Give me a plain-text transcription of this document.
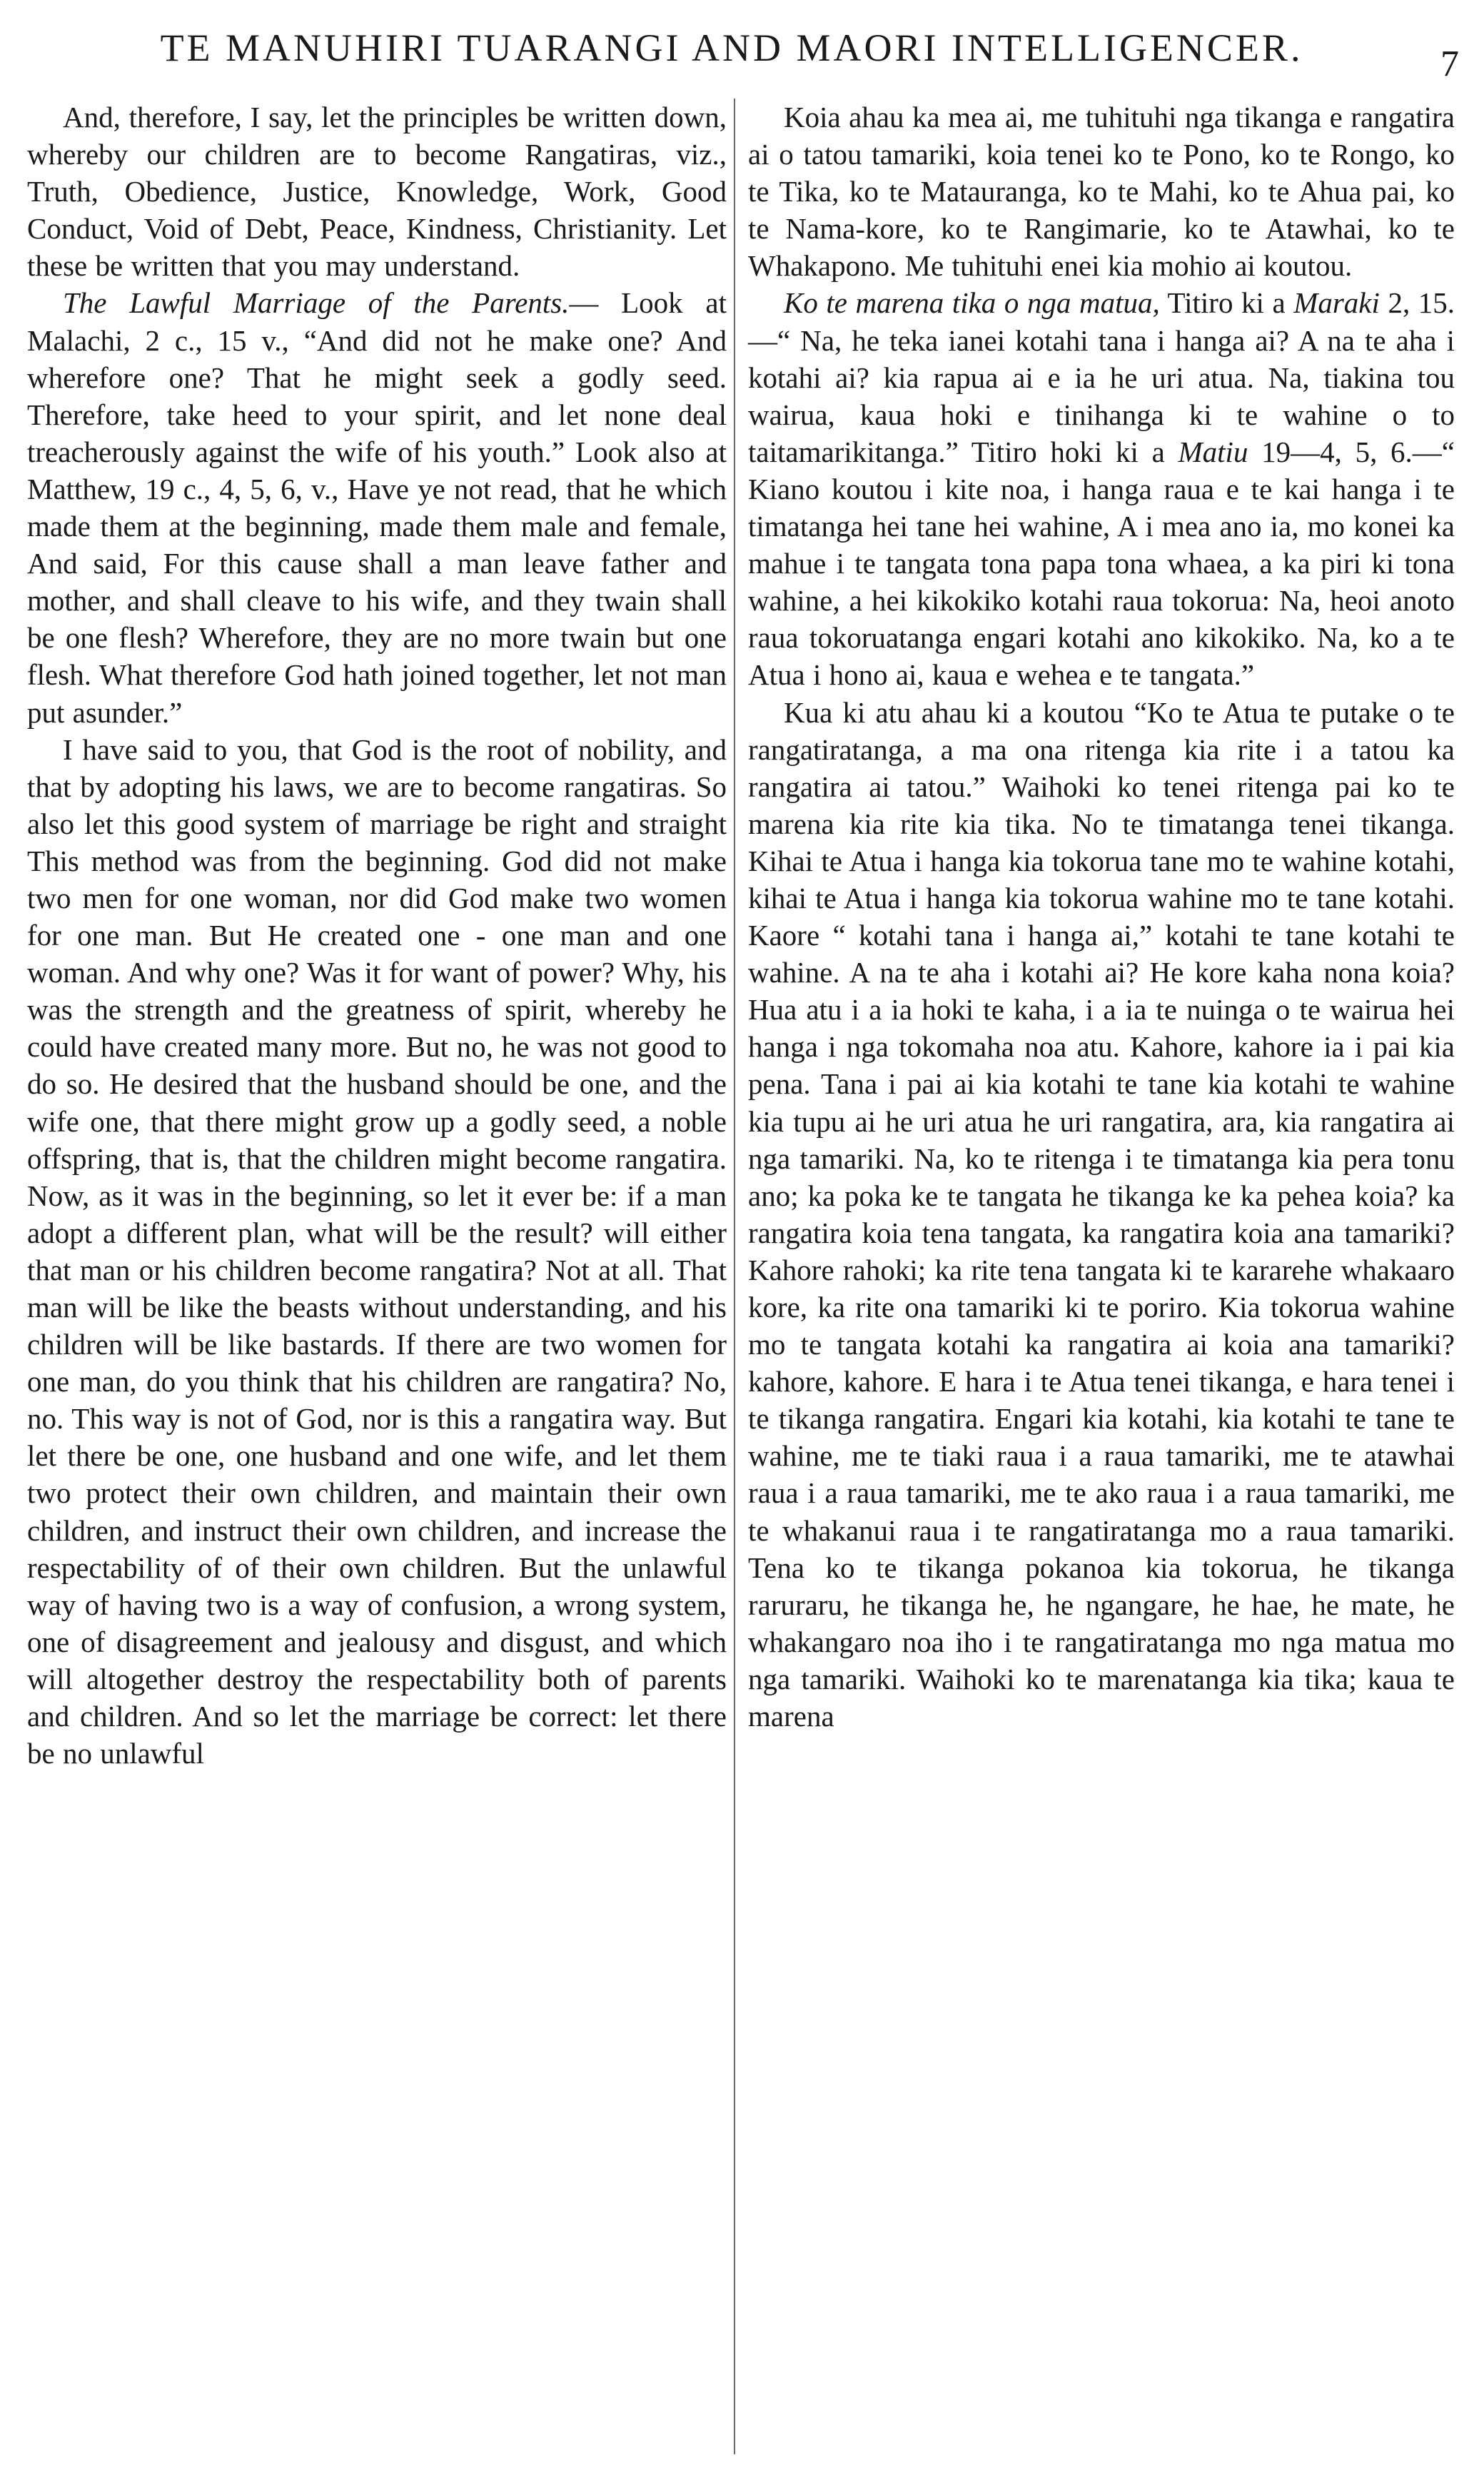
TE MANUHIRI TUARANGI AND MAORI INTELLIGENCER.	7

And, therefore, I say, let the principles be written down, whereby our children are to become Rangatiras, viz., Truth, Obedience, Justice, Knowledge, Work, Good Conduct, Void of Debt, Peace, Kindness, Christianity. Let these be written that you may understand.

The Lawful Marriage of the Parents.— Look at Malachi, 2 c., 15 v., “And did not he make one? And wherefore one? That he might seek a godly seed. Therefore, take heed to your spirit, and let none deal treacherously against the wife of his youth.” Look also at Matthew, 19 c., 4, 5, 6, v., Have ye not read, that he which made them at the beginning, made them male and female, And said, For this cause shall a man leave father and mother, and shall cleave to his wife, and they twain shall be one flesh? Wherefore, they are no more twain but one flesh. What therefore God hath joined together, let not man put asunder.”

I have said to you, that God is the root of nobility, and that by adopting his laws, we are to become rangatiras. So also let this good system of marriage be right and straight This method was from the beginning. God did not make two men for one woman, nor did God make two women for one man. But He created one - one man and one woman. And why one? Was it for want of power? Why, his was the strength and the greatness of spirit, whereby he could have created many more. But no, he was not good to do so. He desired that the husband should be one, and the wife one, that there might grow up a godly seed, a noble offspring, that is, that the children might become rangatira. Now, as it was in the beginning, so let it ever be: if a man adopt a different plan, what will be the result? will either that man or his children become rangatira? Not at all. That man will be like the beasts without understanding, and his children will be like bastards. If there are two women for one man, do you think that his children are rangatira? No, no. This way is not of God, nor is this a rangatira way. But let there be one, one husband and one wife, and let them two protect their own children, and maintain their own children, and instruct their own children, and increase the respectability of of their own children. But the unlawful way of having two is a way of confusion, a wrong system, one of disagreement and jealousy and disgust, and which will altogether destroy the respectability both of parents and children. And so let the marriage be correct: let there be no unlawful

Koia ahau ka mea ai, me tuhituhi nga tikanga e rangatira ai o tatou tamariki, koia tenei ko te Pono, ko te Rongo, ko te Tika, ko te Matauranga, ko te Mahi, ko te Ahua pai, ko te Nama-kore, ko te Rangimarie, ko te Atawhai, ko te Whakapono. Me tuhituhi enei kia mohio ai koutou.

Ko te marena tika o nga matua, Titiro ki a Maraki 2, 15.—“ Na, he teka ianei kotahi tana i hanga ai? A na te aha i kotahi ai? kia rapua ai e ia he uri atua. Na, tiakina tou wairua, kaua hoki e tinihanga ki te wahine o to taitamarikitanga.” Titiro hoki ki a Matiu 19—4, 5, 6.—“ Kiano koutou i kite noa, i hanga raua e te kai hanga i te timatanga hei tane hei wahine, A i mea ano ia, mo konei ka mahue i te tangata tona papa tona whaea, a ka piri ki tona wahine, a hei kikokiko kotahi raua tokorua: Na, heoi anoto raua tokoruatanga engari kotahi ano kikokiko. Na, ko a te Atua i hono ai, kaua e wehea e te tangata.”

Kua ki atu ahau ki a koutou “Ko te Atua te putake o te rangatiratanga, a ma ona ritenga kia rite i a tatou ka rangatira ai tatou.” Waihoki ko tenei ritenga pai ko te marena kia rite kia tika. No te timatanga tenei tikanga. Kihai te Atua i hanga kia tokorua tane mo te wahine kotahi, kihai te Atua i hanga kia tokorua wahine mo te tane kotahi. Kaore “ kotahi tana i hanga ai,” kotahi te tane kotahi te wahine. A na te aha i kotahi ai? He kore kaha nona koia? Hua atu i a ia hoki te kaha, i a ia te nuinga o te wairua hei hanga i nga tokomaha noa atu. Kahore, kahore ia i pai kia pena. Tana i pai ai kia kotahi te tane kia kotahi te wahine kia tupu ai he uri atua he uri rangatira, ara, kia rangatira ai nga tamariki. Na, ko te ritenga i te timatanga kia pera tonu ano; ka poka ke te tangata he tikanga ke ka pehea koia? ka rangatira koia tena tangata, ka rangatira koia ana tamariki? Kahore rahoki; ka rite tena tangata ki te kararehe whakaaro kore, ka rite ona tamariki ki te poriro. Kia tokorua wahine mo te tangata kotahi ka rangatira ai koia ana tamariki? kahore, kahore. E hara i te Atua tenei tikanga, e hara tenei i te tikanga rangatira. Engari kia kotahi, kia kotahi te tane te wahine, me te tiaki raua i a raua tamariki, me te atawhai raua i a raua tamariki, me te ako raua i a raua tamariki, me te whakanui raua i te rangatiratanga mo a raua tamariki. Tena ko te tikanga pokanoa kia tokorua, he tikanga raruraru, he tikanga he, he ngangare, he hae, he mate, he whakangaro noa iho i te rangatiratanga mo nga matua mo nga tamariki. Waihoki ko te marenatanga kia tika; kaua te marena
